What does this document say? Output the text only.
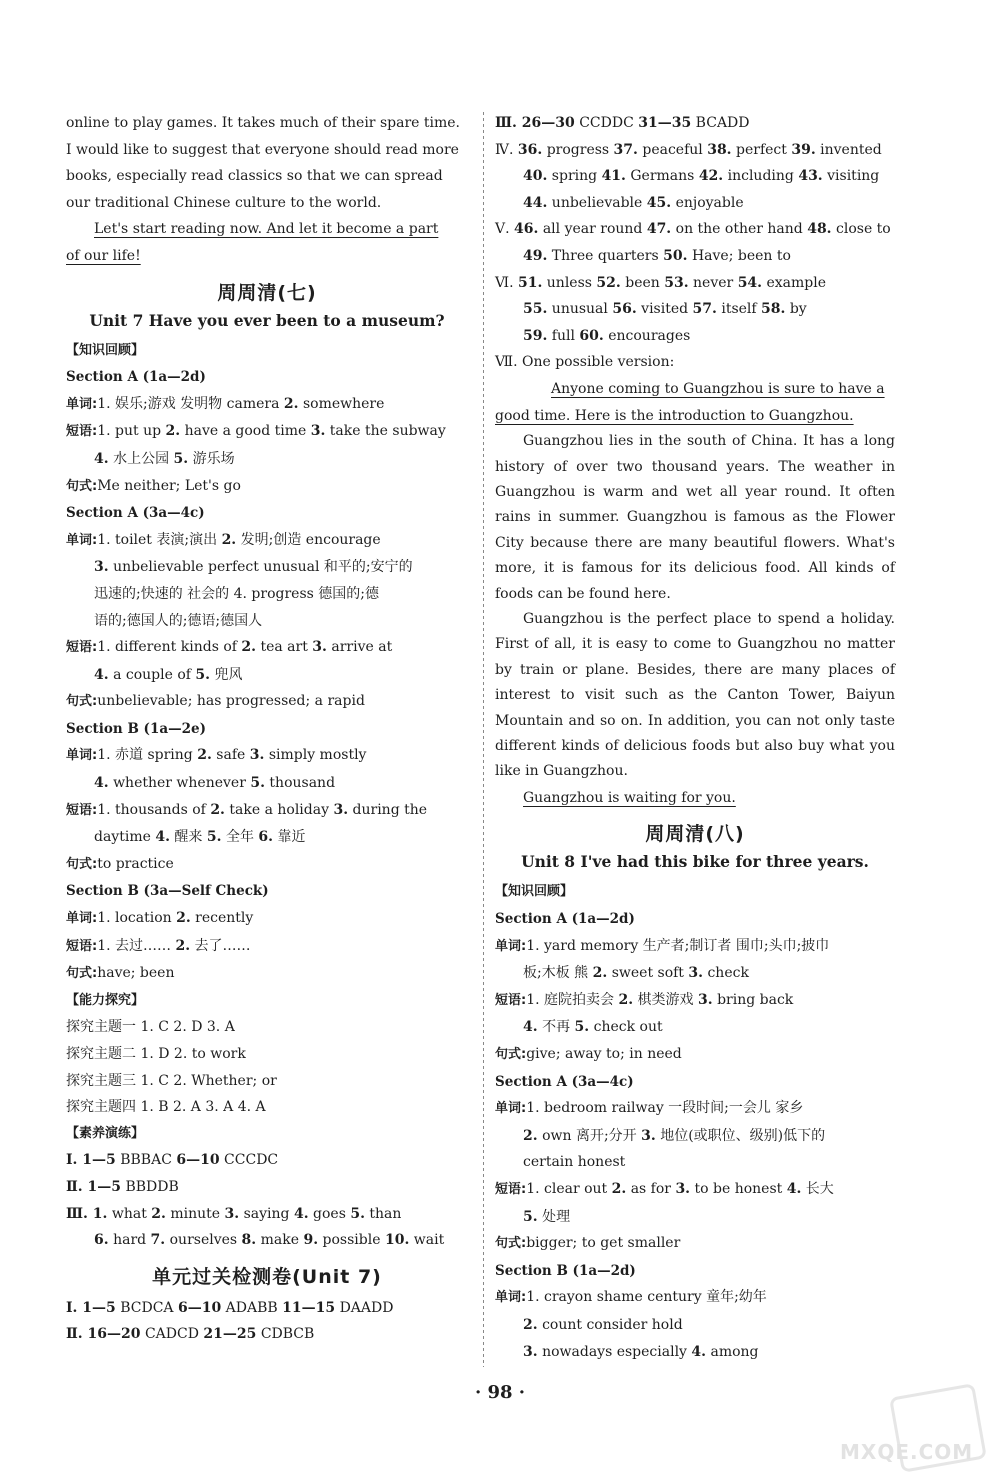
online to play games. It takes much of their spare time.
I would like to suggest that everyone should read more
books, especially read classics so that we can spread
our traditional Chinese culture to the world.
Let's start reading now. And let it become a part
of our life!
周周清(七)
Unit 7 Have you ever been to a museum?
【知识回顾】
Section A (1a—2d)
单词:1. 娱乐;游戏 发明物 camera 2. somewhere
短语:1. put up 2. have a good time 3. take the subway
4. 水上公园 5. 游乐场
句式:Me neither; Let's go
Section A (3a—4c)
单词:1. toilet 表演;演出 2. 发明;创造 encourage
3. unbelievable perfect unusual 和平的;安宁的
迅速的;快速的 社会的 4. progress 德国的;德
语的;德国人的;德语;德国人
短语:1. different kinds of 2. tea art 3. arrive at
4. a couple of 5. 兜风
句式:unbelievable; has progressed; a rapid
Section B (1a—2e)
单词:1. 赤道 spring 2. safe 3. simply mostly
4. whether whenever 5. thousand
短语:1. thousands of 2. take a holiday 3. during the
daytime 4. 醒来 5. 全年 6. 靠近
句式:to practice
Section B (3a—Self Check)
单词:1. location 2. recently
短语:1. 去过…… 2. 去了……
句式:have; been
【能力探究】
探究主题一 1. C 2. D 3. A
探究主题二 1. D 2. to work
探究主题三 1. C 2. Whether; or
探究主题四 1. B 2. A 3. A 4. A
【素养演练】
Ⅰ. 1—5 BBBAC 6—10 CCCDC
Ⅱ. 1—5 BBDDB
Ⅲ. 1. what 2. minute 3. saying 4. goes 5. than
6. hard 7. ourselves 8. make 9. possible 10. wait
单元过关检测卷(Unit 7)
Ⅰ. 1—5 BCDCA 6—10 ADABB 11—15 DAADD
Ⅱ. 16—20 CADCD 21—25 CDBCB
Ⅲ. 26—30 CCDDC 31—35 BCADD
Ⅳ. 36. progress 37. peaceful 38. perfect 39. invented
40. spring 41. Germans 42. including 43. visiting
44. unbelievable 45. enjoyable
Ⅴ. 46. all year round 47. on the other hand 48. close to
49. Three quarters 50. Have; been to
Ⅵ. 51. unless 52. been 53. never 54. example
55. unusual 56. visited 57. itself 58. by
59. full 60. encourages
Ⅶ. One possible version:
Anyone coming to Guangzhou is sure to have a
good time. Here is the introduction to Guangzhou.
Guangzhou lies in the south of China. It has a long history of over two thousand years. The weather in Guangzhou is warm and wet all year round. It often rains in summer. Guangzhou is famous as the Flower City because there are many beautiful flowers. What's more, it is famous for its delicious food. All kinds of foods can be found here.
Guangzhou is the perfect place to spend a holiday. First of all, it is easy to come to Guangzhou no matter by train or plane. Besides, there are many places of interest to visit such as the Canton Tower, Baiyun Mountain and so on. In addition, you can not only taste different kinds of delicious foods but also buy what you like in Guangzhou.
Guangzhou is waiting for you.
周周清(八)
Unit 8 I've had this bike for three years.
【知识回顾】
Section A (1a—2d)
单词:1. yard memory 生产者;制订者 围巾;头巾;披巾
板;木板 熊 2. sweet soft 3. check
短语:1. 庭院拍卖会 2. 棋类游戏 3. bring back
4. 不再 5. check out
句式:give; away to; in need
Section A (3a—4c)
单词:1. bedroom railway 一段时间;一会儿 家乡
2. own 离开;分开 3. 地位(或职位、级别)低下的
certain honest
短语:1. clear out 2. as for 3. to be honest 4. 长大
5. 处理
句式:bigger; to get smaller
Section B (1a—2d)
单词:1. crayon shame century 童年;幼年
2. count consider hold
3. nowadays especially 4. among
· 98 ·
MXQE.COM
